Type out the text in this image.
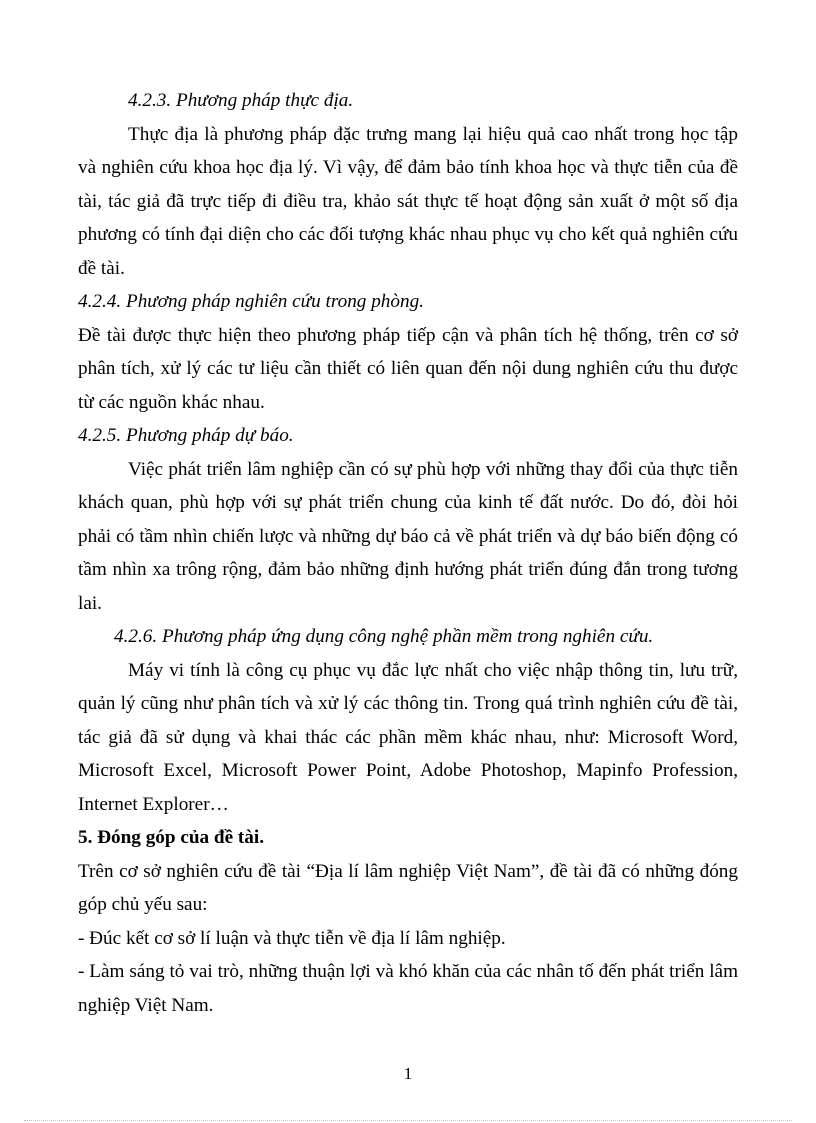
4.2.3. Phương pháp thực địa.

Thực địa là phương pháp đặc trưng mang lại hiệu quả cao nhất trong học tập và nghiên cứu khoa học địa lý. Vì vậy, để đảm bảo tính khoa học và thực tiễn của đề tài, tác giả đã trực tiếp đi điều tra, khảo sát thực tế hoạt động sản xuất ở một số địa phương có tính đại diện cho các đối tượng khác nhau phục vụ cho kết quả nghiên cứu đề tài.

4.2.4. Phương pháp nghiên cứu trong phòng.

Đề tài được thực hiện theo phương pháp tiếp cận và phân tích hệ thống, trên cơ sở phân tích, xử lý các tư liệu cần thiết có liên quan đến nội dung nghiên cứu thu được từ các nguồn khác nhau.

4.2.5. Phương pháp dự báo.

Việc phát triển lâm nghiệp cần có sự phù hợp với những thay đổi của thực tiễn khách quan, phù hợp với sự phát triển chung của kinh tế đất nước. Do đó, đòi hỏi phải có tầm nhìn chiến lược và những dự báo cả về phát triển và dự báo biến động có tầm nhìn xa trông rộng, đảm bảo những định hướng phát triển đúng đắn trong tương lai.

4.2.6. Phương pháp ứng dụng công nghệ phần mềm trong nghiên cứu.

Máy vi tính là công cụ phục vụ đắc lực nhất cho việc nhập thông tin, lưu trữ, quản lý cũng như phân tích và xử lý các thông tin. Trong quá trình nghiên cứu đề tài, tác giả đã sử dụng và khai thác các phần mềm khác nhau, như: Microsoft Word, Microsoft Excel, Microsoft Power Point, Adobe Photoshop, Mapinfo Profession, Internet Explorer…

5. Đóng góp của đề tài.

Trên cơ sở nghiên cứu đề tài “Địa lí lâm nghiệp Việt Nam”, đề tài đã có những đóng góp chủ yếu sau:

- Đúc kết cơ sở lí luận và thực tiễn về địa lí lâm nghiệp.

- Làm sáng tỏ vai trò, những thuận lợi và khó khăn của các nhân tố đến phát triển lâm nghiệp Việt Nam.

1
